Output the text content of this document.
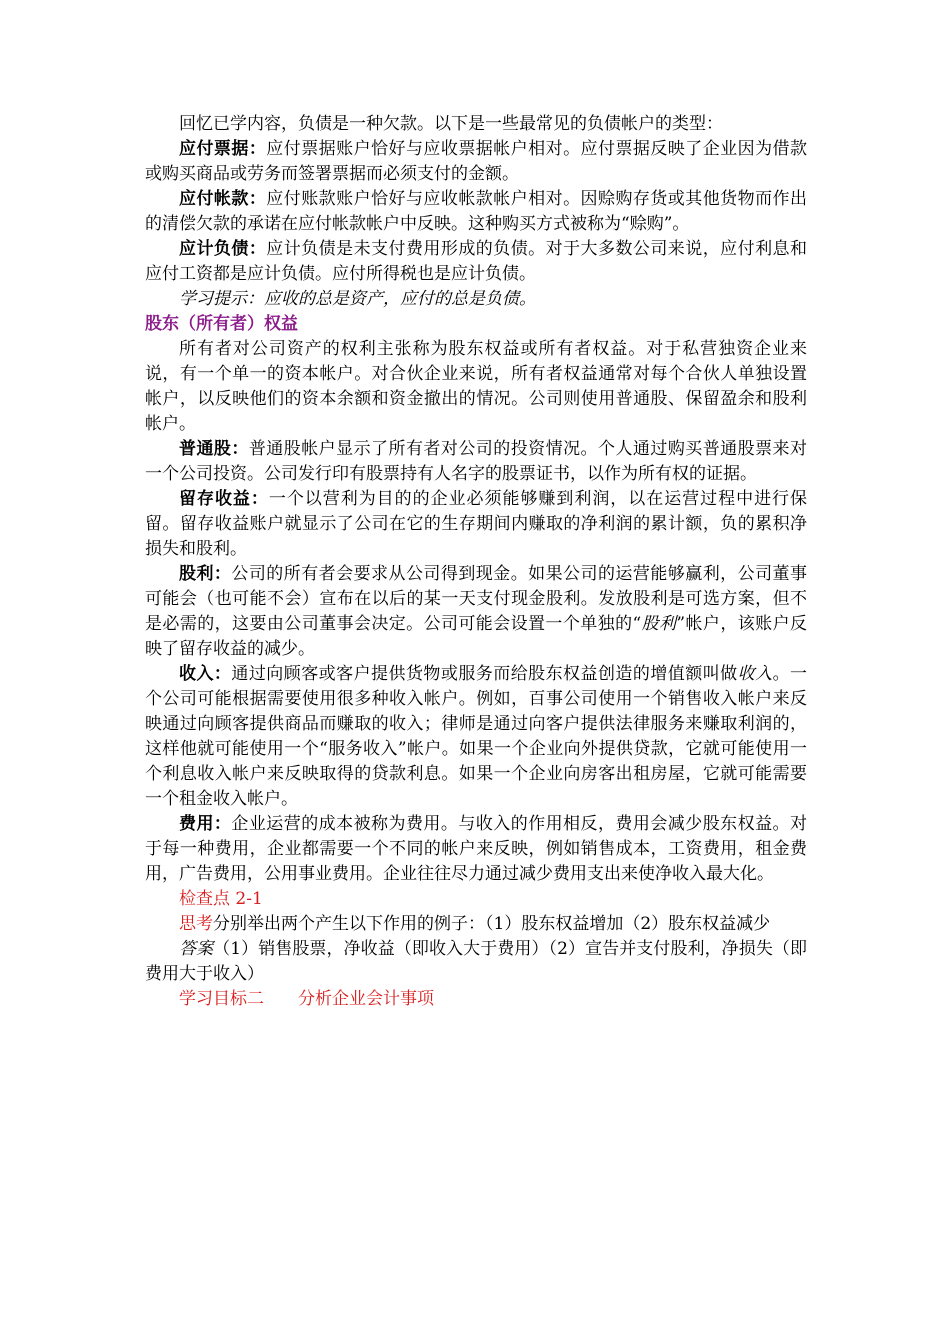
回忆已学内容，负债是一种欠款。以下是一些最常见的负债帐户的类型：

应付票据：应付票据账户恰好与应收票据帐户相对。应付票据反映了企业因为借款或购买商品或劳务而签署票据而必须支付的金额。

应付帐款：应付账款账户恰好与应收帐款帐户相对。因赊购存货或其他货物而作出的清偿欠款的承诺在应付帐款帐户中反映。这种购买方式被称为“赊购”。

应计负债：应计负债是未支付费用形成的负债。对于大多数公司来说，应付利息和应付工资都是应计负债。应付所得税也是应计负债。

学习提示：应收的总是资产，应付的总是负债。

股东（所有者）权益

所有者对公司资产的权利主张称为股东权益或所有者权益。对于私营独资企业来说，有一个单一的资本帐户。对合伙企业来说，所有者权益通常对每个合伙人单独设置帐户，以反映他们的资本余额和资金撤出的情况。公司则使用普通股、保留盈余和股利帐户。

普通股：普通股帐户显示了所有者对公司的投资情况。个人通过购买普通股票来对一个公司投资。公司发行印有股票持有人名字的股票证书，以作为所有权的证据。

留存收益：一个以营利为目的的企业必须能够赚到利润，以在运营过程中进行保留。留存收益账户就显示了公司在它的生存期间内赚取的净利润的累计额，负的累积净损失和股利。

股利：公司的所有者会要求从公司得到现金。如果公司的运营能够赢利，公司董事可能会（也可能不会）宣布在以后的某一天支付现金股利。发放股利是可选方案，但不是必需的，这要由公司董事会决定。公司可能会设置一个单独的“股利”帐户，该账户反映了留存收益的减少。

收入：通过向顾客或客户提供货物或服务而给股东权益创造的增值额叫做收入。一个公司可能根据需要使用很多种收入帐户。例如，百事公司使用一个销售收入帐户来反映通过向顾客提供商品而赚取的收入；律师是通过向客户提供法律服务来赚取利润的，这样他就可能使用一个“服务收入”帐户。如果一个企业向外提供贷款，它就可能使用一个利息收入帐户来反映取得的贷款利息。如果一个企业向房客出租房屋，它就可能需要一个租金收入帐户。

费用：企业运营的成本被称为费用。与收入的作用相反，费用会减少股东权益。对于每一种费用，企业都需要一个不同的帐户来反映，例如销售成本，工资费用，租金费用，广告费用，公用事业费用。企业往往尽力通过减少费用支出来使净收入最大化。

检查点 2-1

思考分别举出两个产生以下作用的例子：（1）股东权益增加（2）股东权益减少

答案（1）销售股票，净收益（即收入大于费用）（2）宣告并支付股利，净损失（即费用大于收入）

学习目标二 分析企业会计事项
